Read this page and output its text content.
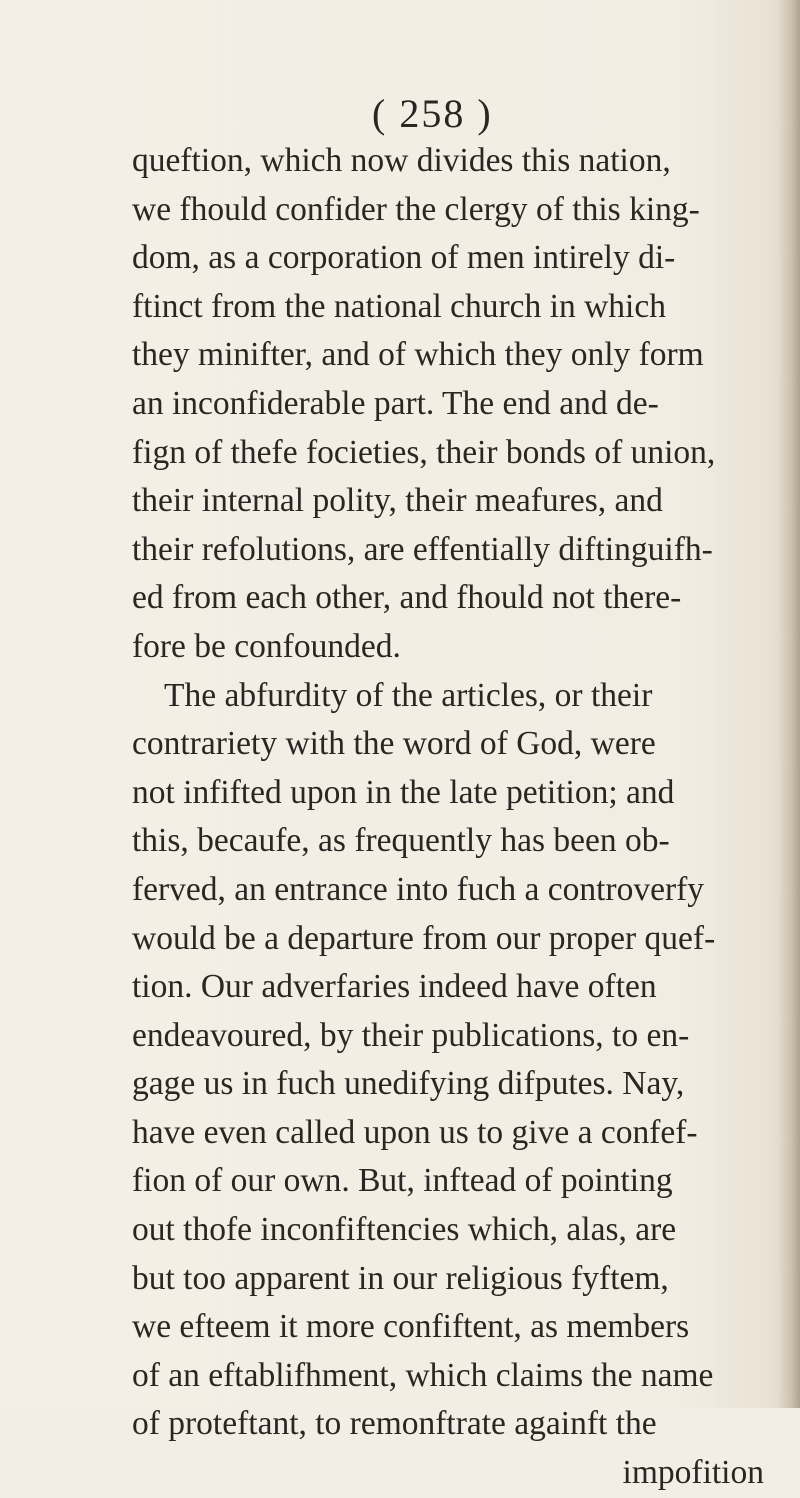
( 258 )
queftion, which now divides this nation,
we fhould confider the clergy of this king-
dom, as a corporation of men intirely di-
ftinct from the national church in which
they minifter, and of which they only form
an inconfiderable part. The end and de-
fign of thefe focieties, their bonds of union,
their internal polity, their meafures, and
their refolutions, are effentially diftinguifh-
ed from each other, and fhould not there-
fore be confounded.
The abfurdity of the articles, or their
contrariety with the word of God, were
not infifted upon in the late petition; and
this, becaufe, as frequently has been ob-
ferved, an entrance into fuch a controverfy
would be a departure from our proper quef-
tion. Our adverfaries indeed have often
endeavoured, by their publications, to en-
gage us in fuch unedifying difputes. Nay,
have even called upon us to give a confef-
fion of our own. But, inftead of pointing
out thofe inconfiftencies which, alas, are
but too apparent in our religious fyftem,
we efteem it more confiftent, as members
of an eftablifhment, which claims the name
of proteftant, to remonftrate againft the
impofition
